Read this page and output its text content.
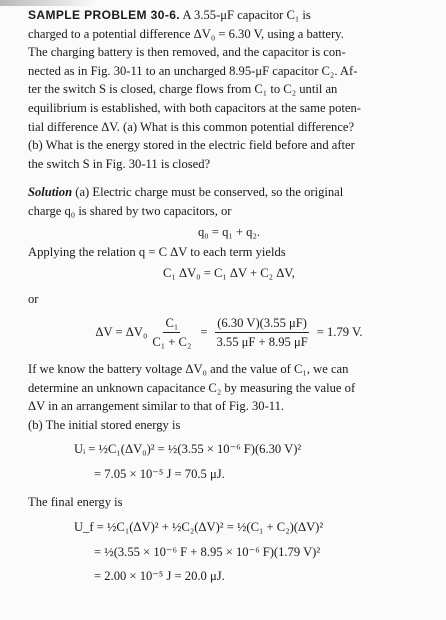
SAMPLE PROBLEM 30-6. A 3.55-μF capacitor C₁ is

charged to a potential difference ΔV₀ = 6.30 V, using a battery.

The charging battery is then removed, and the capacitor is con-

nected as in Fig. 30-11 to an uncharged 8.95-μF capacitor C₂. Af-

ter the switch S is closed, charge flows from C₁ to C₂ until an

equilibrium is established, with both capacitors at the same poten-

tial difference ΔV. (a) What is this common potential difference?

(b) What is the energy stored in the electric field before and after

the switch S in Fig. 30-11 is closed?

Solution (a) Electric charge must be conserved, so the original

charge q₀ is shared by two capacitors, or

q₀ = q₁ + q₂.

Applying the relation q = C ΔV to each term yields

C₁ ΔV₀ = C₁ ΔV + C₂ ΔV,

or

$\Delta V = \Delta V_0 \frac{\text{C₁}}{\text{C₁ + C₂}} = \frac{(6.30 V)(3.55 \mu F)}{3.55 \mu F + 8.95 \mu F} = 1.79$ V.

If we know the battery voltage ΔV₀ and the value of C₁, we can

determine an unknown capacitance C₂ by measuring the value of

ΔV in an arrangement similar to that of Fig. 30-11.

(b) The initial stored energy is

Uᵢ = ½C₁(ΔV₀)² = ½(3.55 × 10⁻⁶ F)(6.30 V)²

= 7.05 × 10⁻⁵ J = 70.5 μJ.

The final energy is

U_f = ½C₁(ΔV)² + ½C₂(ΔV)² = ½(C₁ + C₂)(ΔV)²

= ½(3.55 × 10⁻⁶ F + 8.95 × 10⁻⁶ F)(1.79 V)²

= 2.00 × 10⁻⁵ J = 20.0 μJ.
